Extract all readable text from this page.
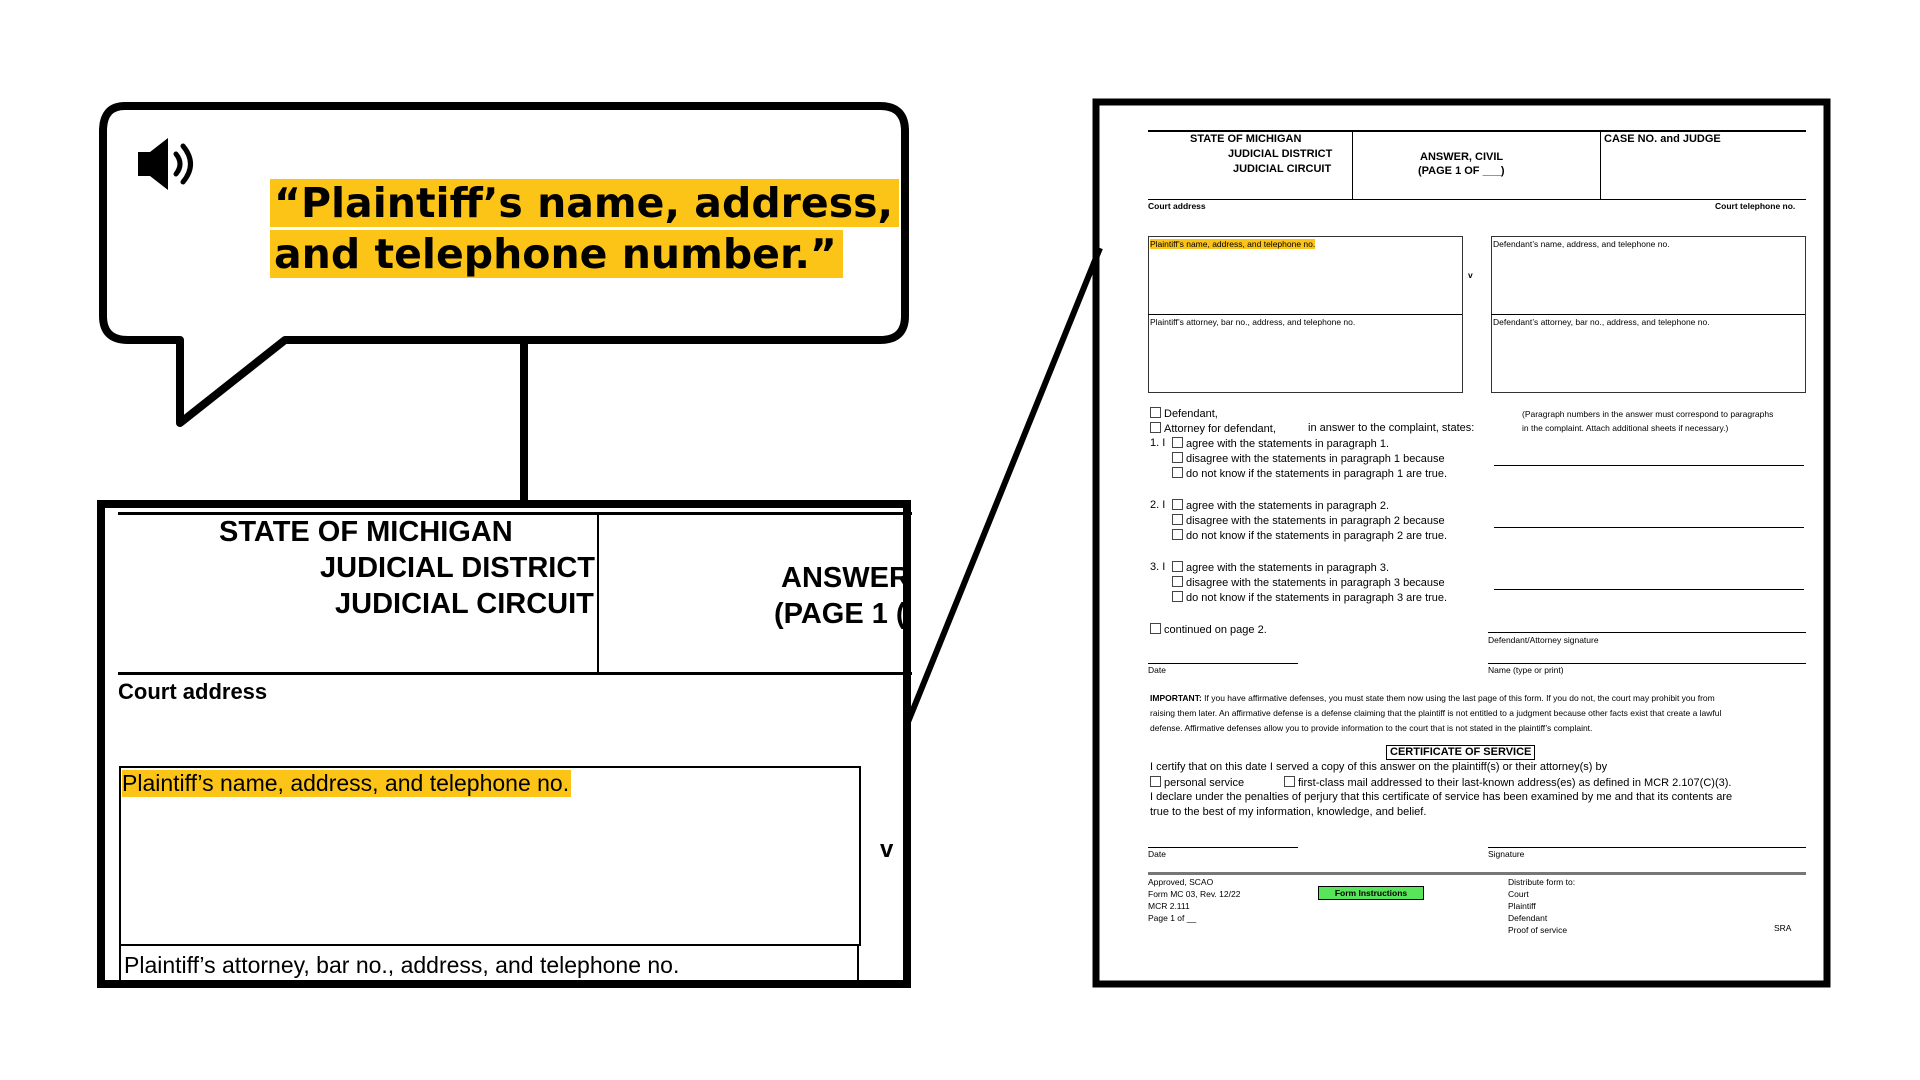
“Plaintiff’s name, address,
and telephone number.”
STATE OF MICHIGAN
JUDICIAL DISTRICT
JUDICIAL CIRCUIT
ANSWER
(PAGE 1 (
Court address
Plaintiff’s name, address, and telephone no.
v
Plaintiff’s attorney, bar no., address, and telephone no.
STATE OF MICHIGAN
JUDICIAL DISTRICT
JUDICIAL CIRCUIT
ANSWER, CIVIL
(PAGE 1 OF ___)
CASE NO. and JUDGE
Court address	Court telephone no.
Plaintiff’s name, address, and telephone no.
v
Defendant’s name, address, and telephone no.
Plaintiff’s attorney, bar no., address, and telephone no.	Defendant’s attorney, bar no., address, and telephone no.
Defendant,
Attorney for defendant,	in answer to the complaint, states:
(Paragraph numbers in the answer must correspond to paragraphs
in the complaint. Attach additional sheets if necessary.)
1. I	agree with the statements in paragraph 1.
disagree with the statements in paragraph 1 because
do not know if the statements in paragraph 1 are true.
2. I	agree with the statements in paragraph 2.
disagree with the statements in paragraph 2 because
do not know if the statements in paragraph 2 are true.
3. I	agree with the statements in paragraph 3.
disagree with the statements in paragraph 3 because
do not know if the statements in paragraph 3 are true.
continued on page 2.
Defendant/Attorney signature
Date	Name (type or print)
IMPORTANT: If you have affirmative defenses, you must state them now using the last page of this form. If you do not, the court may prohibit you from
raising them later. An affirmative defense is a defense claiming that the plaintiff is not entitled to a judgment because other facts exist that create a lawful
defense. Affirmative defenses allow you to provide information to the court that is not stated in the plaintiff’s complaint.
CERTIFICATE OF SERVICE
I certify that on this date I served a copy of this answer on the plaintiff(s) or their attorney(s) by
personal service	first-class mail addressed to their last-known address(es) as defined in MCR 2.107(C)(3).
I declare under the penalties of perjury that this certificate of service has been examined by me and that its contents are
true to the best of my information, knowledge, and belief.
Date	Signature
Approved, SCAO
Form MC 03, Rev. 12/22
MCR 2.111
Page 1 of __
Form Instructions
Distribute form to:
Court
Plaintiff
Defendant
Proof of service	SRA
